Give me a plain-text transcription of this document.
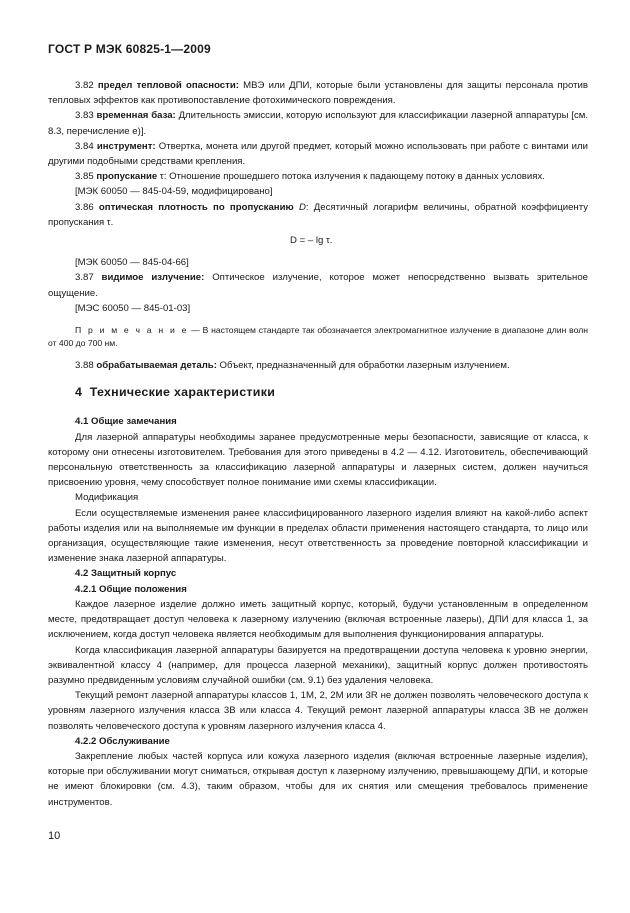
ГОСТ Р МЭК 60825-1—2009

3.82 предел тепловой опасности: МВЭ или ДПИ, которые были установлены для защиты персонала против тепловых эффектов как противопоставление фотохимического повреждения.

3.83 временная база: Длительность эмиссии, которую используют для классификации лазерной аппаратуры [см. 8.3, перечисление е)].

3.84 инструмент: Отвертка, монета или другой предмет, который можно использовать при работе с винтами или другими подобными средствами крепления.

3.85 пропускание τ: Отношение прошедшего потока излучения к падающему потоку в данных условиях.

[МЭК 60050 — 845-04-59, модифицировано]

3.86 оптическая плотность по пропусканию D: Десятичный логарифм величины, обратной коэффициенту пропускания τ.

D = – lg τ.

[МЭК 60050 — 845-04-66]

3.87 видимое излучение: Оптическое излучение, которое может непосредственно вызвать зрительное ощущение.

[МЭС 60050 — 845-01-03]

П р и м е ч а н и е — В настоящем стандарте так обозначается электромагнитное излучение в диапазоне длин волн от 400 до 700 нм.

3.88 обрабатываемая деталь: Объект, предназначенный для обработки лазерным излучением.

4 Технические характеристики

4.1 Общие замечания

Для лазерной аппаратуры необходимы заранее предусмотренные меры безопасности, зависящие от класса, к которому они отнесены изготовителем. Требования для этого приведены в 4.2 — 4.12. Изготовитель, обеспечивающий персональную ответственность за классификацию лазерной аппаратуры и лазерных систем, должен научиться присвоению уровня, чему способствует полное понимание ими схемы классификации.

Модификация

Если осуществляемые изменения ранее классифицированного лазерного изделия влияют на какой-либо аспект работы изделия или на выполняемые им функции в пределах области применения настоящего стандарта, то лицо или организация, осуществляющие такие изменения, несут ответственность за проведение повторной классификации и изменение знака лазерной аппаратуры.

4.2 Защитный корпус

4.2.1 Общие положения

Каждое лазерное изделие должно иметь защитный корпус, который, будучи установленным в определенном месте, предотвращает доступ человека к лазерному излучению (включая встроенные лазеры), ДПИ для класса 1, за исключением, когда доступ человека является необходимым для выполнения функционирования аппаратуры.

Когда классификация лазерной аппаратуры базируется на предотвращении доступа человека к уровню энергии, эквивалентной классу 4 (например, для процесса лазерной механики), защитный корпус должен противостоять разумно предвиденным условиям случайной ошибки (см. 9.1) без удаления человека.

Текущий ремонт лазерной аппаратуры классов 1, 1М, 2, 2М или 3R не должен позволять человеческого доступа к уровням лазерного излучения класса 3В или класса 4. Текущий ремонт лазерной аппаратуры класса 3В не должен позволять человеческого доступа к уровням лазерного излучения класса 4.

4.2.2 Обслуживание

Закрепление любых частей корпуса или кожуха лазерного изделия (включая встроенные лазерные изделия), которые при обслуживании могут сниматься, открывая доступ к лазерному излучению, превышающему ДПИ, и которые не имеют блокировки (см. 4.3), таким образом, чтобы для их снятия или смещения требовалось применение инструментов.

10
